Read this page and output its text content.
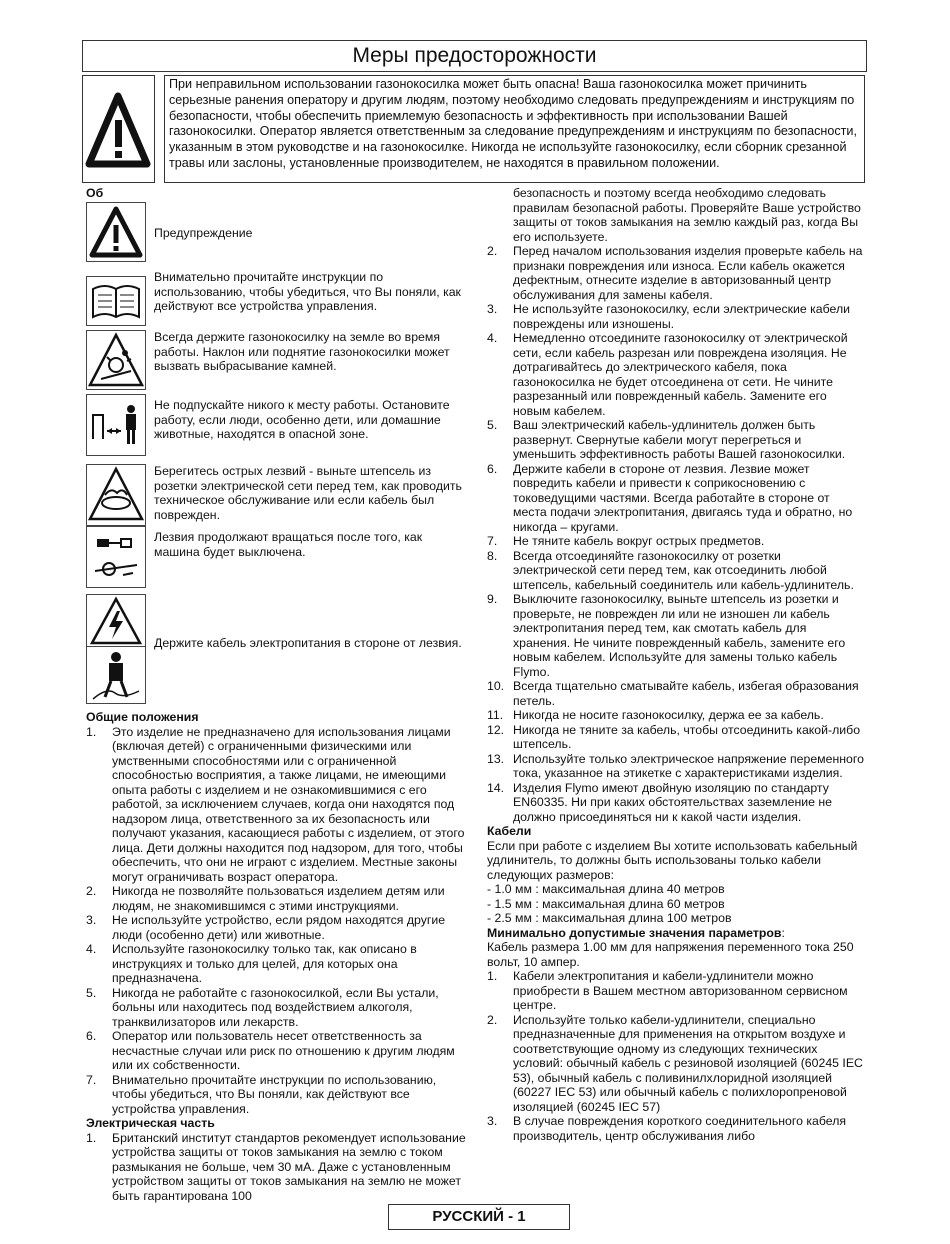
Меры предосторожности
При неправильном использовании газонокосилка может быть опасна! Ваша газонокосилка может причинить серьезные ранения оператору и другим людям, поэтому необходимо следовать предупреждениям и инструкциям по безопасности, чтобы обеспечить приемлемую безопасность и эффективность при использовании Вашей газонокосилки. Оператор является ответственным за следование предупреждениям и инструкциям по безопасности, указанным в этом руководстве и на газонокосилке. Никогда не используйте газонокосилку, если сборник срезанной травы или заслоны, установленные производителем, не находятся в правильном положении.
Об
Предупреждение
Внимательно прочитайте инструкции по использованию, чтобы убедиться, что Вы поняли, как действуют все устройства управления.
Всегда держите газонокосилку на земле во время работы. Наклон или поднятие газонокосилки может вызвать выбрасывание камней.
Не подпускайте никого к месту работы. Остановите работу, если люди, особенно дети, или домашние животные, находятся в опасной зоне.
Берегитесь острых лезвий - выньте штепсель из розетки электрической сети перед тем, как проводить техническое обслуживание или если кабель был поврежден.
Лезвия продолжают вращаться после того, как машина будет выключена.
Держите кабель электропитания в стороне от лезвия.
Общие положения
1. Это изделие не предназначено для использования лицами (включая детей) с ограниченными физическими или умственными способностями или с ограниченной способностью восприятия, а также лицами, не имеющими опыта работы с изделием и не ознакомившимися с его работой, за исключением случаев, когда они находятся под надзором лица, ответственного за их безопасность или получают указания, касающиеся работы с изделием, от этого лица. Дети должны находится под надзором, для того, чтобы обеспечить, что они не играют с изделием. Местные законы могут ограничивать возраст оператора.
2. Никогда не позволяйте пользоваться изделием детям или людям, не знакомившимся с этими инструкциями.
3. Не используйте устройство, если рядом находятся другие люди (особенно дети) или животные.
4. Используйте газонокосилку только так, как описано в инструкциях и только для целей, для которых она предназначена.
5. Никогда не работайте с газонокосилкой, если Вы устали, больны или находитесь под воздействием алкоголя, транквилизаторов или лекарств.
6. Оператор или пользователь несет ответственность за несчастные случаи или риск по отношению к другим людям или их собственности.
7. Внимательно прочитайте инструкции по использованию, чтобы убедиться, что Вы поняли, как действуют все устройства управления.
Электрическая часть
1. Британский институт стандартов рекомендует использование устройства защиты от токов замыкания на землю с током размыкания не больше, чем 30 мА. Даже с установленным устройством защиты от токов замыкания на землю не может быть гарантирована 100
безопасность и поэтому всегда необходимо следовать правилам безопасной работы. Проверяйте Ваше устройство защиты от токов замыкания на землю каждый раз, когда Вы его используете.
2. Перед началом использования изделия проверьте кабель на признаки повреждения или износа. Если кабель окажется дефектным, отнесите изделие в авторизованный центр обслуживания для замены кабеля.
3. Не используйте газонокосилку, если электрические кабели повреждены или изношены.
4. Немедленно отсоедините газонокосилку от электрической сети, если кабель разрезан или повреждена изоляция. Не дотрагивайтесь до электрического кабеля, пока газонокосилка не будет отсоединена от сети. Не чините разрезанный или поврежденный кабель. Замените его новым кабелем.
5. Ваш электрический кабель-удлинитель должен быть развернут. Свернутые кабели могут перегреться и уменьшить эффективность работы Вашей газонокосилки.
6. Держите кабели в стороне от лезвия. Лезвие может повредить кабели и привести к соприкосновению с токоведущими частями. Всегда работайте в стороне от места подачи электропитания, двигаясь туда и обратно, но никогда – кругами.
7. Не тяните кабель вокруг острых предметов.
8. Всегда отсоединяйте газонокосилку от розетки электрической сети перед тем, как отсоединить любой штепсель, кабельный соединитель или кабель-удлинитель.
9. Выключите газонокосилку, выньте штепсель из розетки и проверьте, не поврежден ли или не изношен ли кабель электропитания перед тем, как смотать кабель для хранения. Не чините поврежденный кабель, замените его новым кабелем. Используйте для замены только кабель Flymo.
10. Всегда тщательно сматывайте кабель, избегая образования петель.
11. Никогда не носите газонокосилку, держа ее за кабель.
12. Никогда не тяните за кабель, чтобы отсоединить какой-либо штепсель.
13. Используйте только электрическое напряжение переменного тока, указанное на этикетке с характеристиками изделия.
14. Изделия Flymo имеют двойную изоляцию по стандарту EN60335. Ни при каких обстоятельствах заземление не должно присоединяться ни к какой части изделия.
Кабели

Если при работе с изделием Вы хотите использовать кабельный удлинитель, то должны быть использованы только кабели следующих размеров:

- 1.0 мм : максимальная длина 40 метров

- 1.5 мм : максимальная длина 60 метров

- 2.5 мм : максимальная длина 100 метров

Минимально допустимые значения параметров:

Кабель размера 1.00 мм для напряжения переменного тока 250 вольт, 10 ампер.

1. Кабели электропитания и кабели-удлинители можно приобрести в Вашем местном авторизованном сервисном центре.
2. Используйте только кабели-удлинители, специально предназначенные для применения на открытом воздухе и соответствующие одному из следующих технических условий: обычный кабель с резиновой изоляцией (60245 IEC 53), обычный кабель с поливинилхлоридной изоляцией (60227 IEC 53) или обычный кабель с полихлоропреновой изоляцией (60245 IEC 57)
3. В случае повреждения короткого соединительного кабеля производитель, центр обслуживания либо
РУССКИЙ - 1
